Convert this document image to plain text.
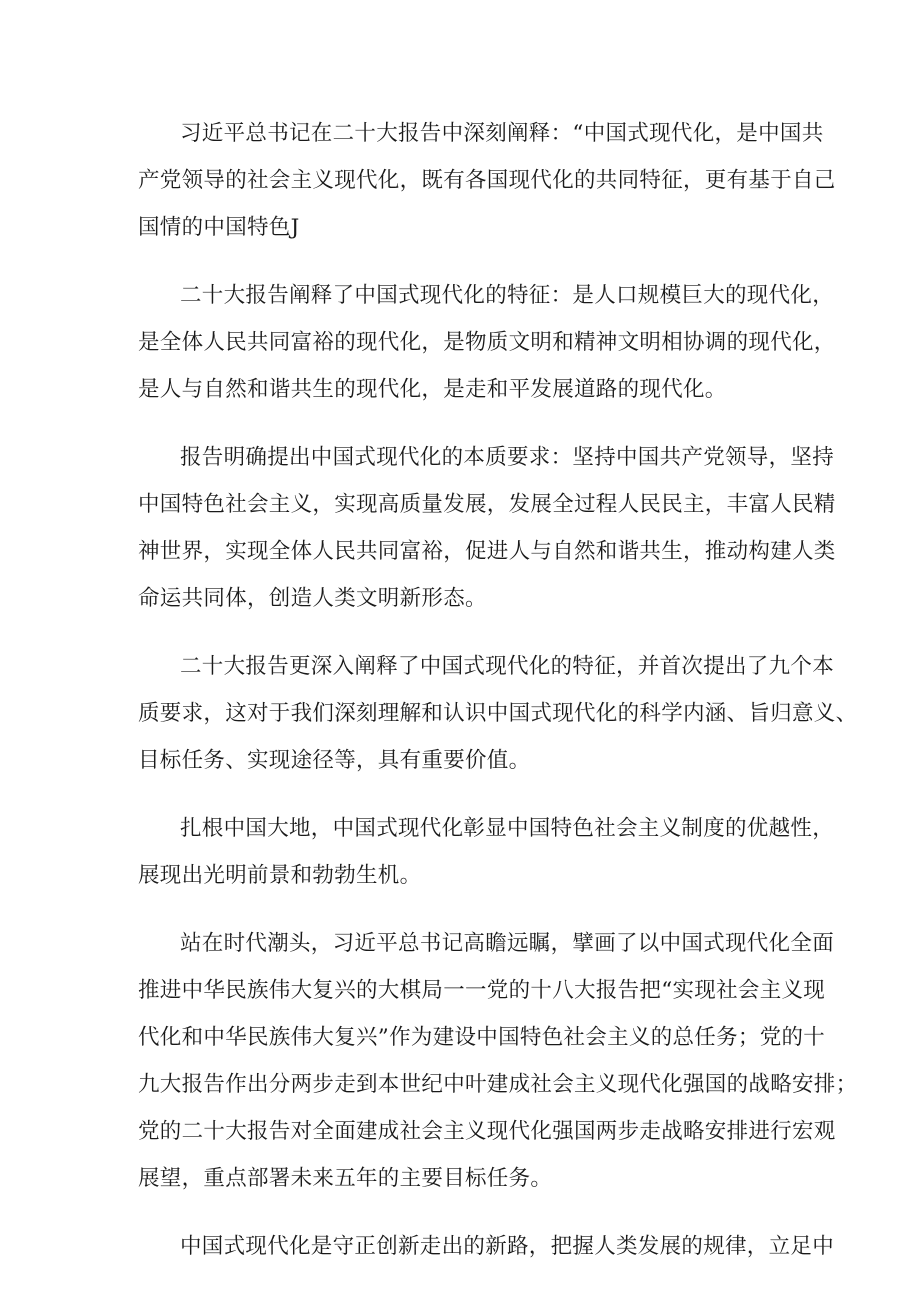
习近平总书记在二十大报告中深刻阐释：“中国式现代化，是中国共
产党领导的社会主义现代化，既有各国现代化的共同特征，更有基于自己
国情的中国特色J
二十大报告阐释了中国式现代化的特征：是人口规模巨大的现代化，
是全体人民共同富裕的现代化，是物质文明和精神文明相协调的现代化，
是人与自然和谐共生的现代化，是走和平发展道路的现代化。
报告明确提出中国式现代化的本质要求：坚持中国共产党领导，坚持
中国特色社会主义，实现高质量发展，发展全过程人民民主，丰富人民精
神世界，实现全体人民共同富裕，促进人与自然和谐共生，推动构建人类
命运共同体，创造人类文明新形态。
二十大报告更深入阐释了中国式现代化的特征，并首次提出了九个本
质要求，这对于我们深刻理解和认识中国式现代化的科学内涵、旨归意义、
目标任务、实现途径等，具有重要价值。
扎根中国大地，中国式现代化彰显中国特色社会主义制度的优越性，
展现出光明前景和勃勃生机。
站在时代潮头，习近平总书记高瞻远瞩，擘画了以中国式现代化全面
推进中华民族伟大复兴的大棋局一一党的十八大报告把“实现社会主义现
代化和中华民族伟大复兴”作为建设中国特色社会主义的总任务；党的十
九大报告作出分两步走到本世纪中叶建成社会主义现代化强国的战略安排；
党的二十大报告对全面建成社会主义现代化强国两步走战略安排进行宏观
展望，重点部署未来五年的主要目标任务。
中国式现代化是守正创新走出的新路，把握人类发展的规律，立足中
